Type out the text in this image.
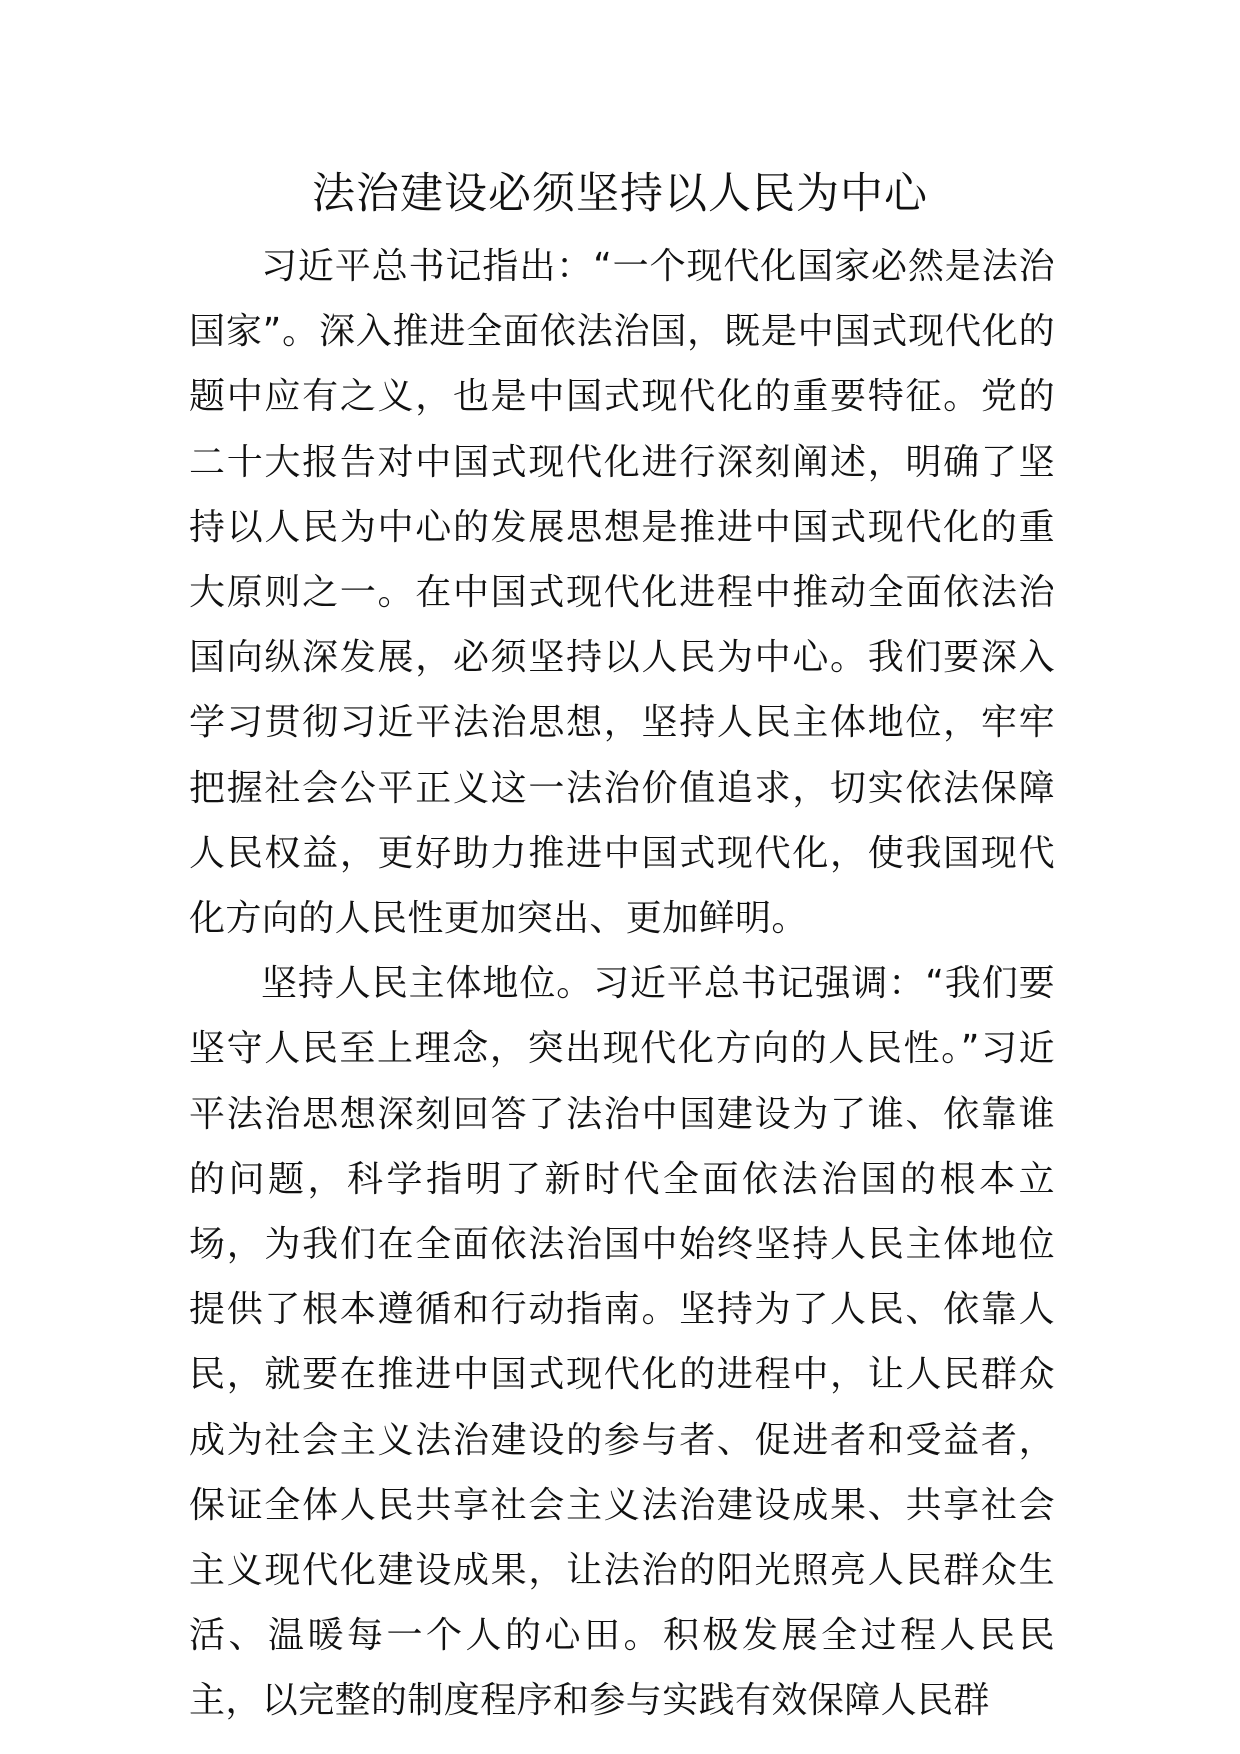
法治建设必须坚持以人民为中心

习近平总书记指出：“一个现代化国家必然是法治国家”。深入推进全面依法治国，既是中国式现代化的题中应有之义，也是中国式现代化的重要特征。党的二十大报告对中国式现代化进行深刻阐述，明确了坚持以人民为中心的发展思想是推进中国式现代化的重大原则之一。在中国式现代化进程中推动全面依法治国向纵深发展，必须坚持以人民为中心。我们要深入学习贯彻习近平法治思想，坚持人民主体地位，牢牢把握社会公平正义这一法治价值追求，切实依法保障人民权益，更好助力推进中国式现代化，使我国现代化方向的人民性更加突出、更加鲜明。

坚持人民主体地位。习近平总书记强调：“我们要坚守人民至上理念，突出现代化方向的人民性。”习近平法治思想深刻回答了法治中国建设为了谁、依靠谁的问题，科学指明了新时代全面依法治国的根本立场，为我们在全面依法治国中始终坚持人民主体地位提供了根本遵循和行动指南。坚持为了人民、依靠人民，就要在推进中国式现代化的进程中，让人民群众成为社会主义法治建设的参与者、促进者和受益者，保证全体人民共享社会主义法治建设成果、共享社会主义现代化建设成果，让法治的阳光照亮人民群众生活、温暖每一个人的心田。积极发展全过程人民民主，以完整的制度程序和参与实践有效保障人民群
